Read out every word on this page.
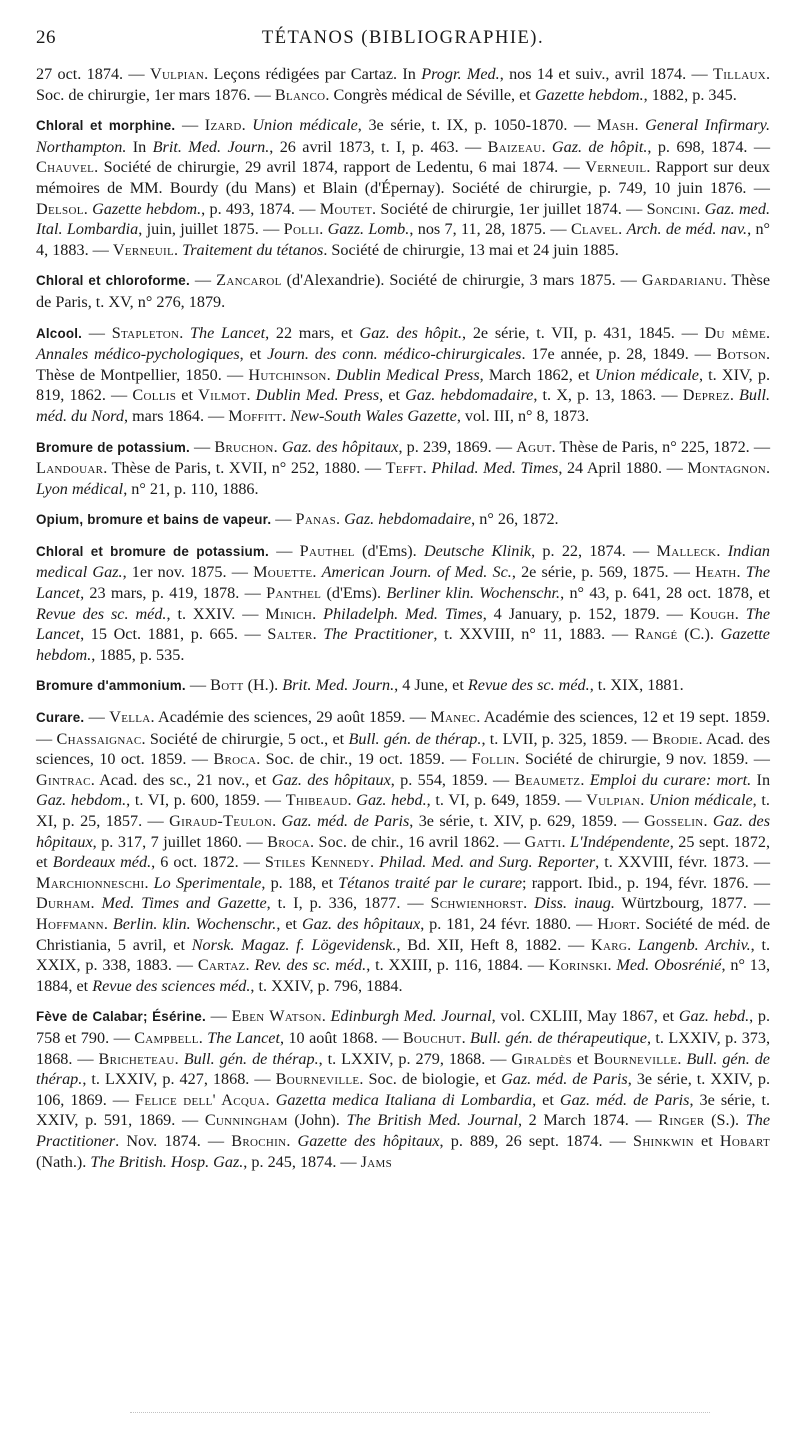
26	TÉTANOS (BIBLIOGRAPHIE).

27 oct. 1874. — Vulpian. Leçons rédigées par Cartaz. In Progr. Med., nos 14 et suiv., avril 1874. — Tillaux. Soc. de chirurgie, 1er mars 1876. — Blanco. Congrès médical de Séville, et Gazette hebdom., 1882, p. 345.

Chloral et morphine. — Izard. Union médicale, 3e série, t. IX, p. 1050-1870. — Mash. General Infirmary. Northampton. In Brit. Med. Journ., 26 avril 1873, t. I, p. 463. — Baizeau. Gaz. de hôpit., p. 698, 1874. — Chauvel. Société de chirurgie, 29 avril 1874, rapport de Ledentu, 6 mai 1874. — Verneuil. Rapport sur deux mémoires de MM. Bourdy (du Mans) et Blain (d'Épernay). Société de chirurgie, p. 749, 10 juin 1876. — Delsol. Gazette hebdom., p. 493, 1874. — Moutet. Société de chirurgie, 1er juillet 1874. — Soncini. Gaz. med. Ital. Lombardia, juin, juillet 1875. — Polli. Gazz. Lomb., nos 7, 11, 28, 1875. — Clavel. Arch. de méd. nav., n° 4, 1883. — Verneuil. Traitement du tétanos. Société de chirurgie, 13 mai et 24 juin 1885.

Chloral et chloroforme. — Zancarol (d'Alexandrie). Société de chirurgie, 3 mars 1875. — Gardarianu. Thèse de Paris, t. XV, n° 276, 1879.

Alcool. — Stapleton. The Lancet, 22 mars, et Gaz. des hôpit., 2e série, t. VII, p. 431, 1845. — Du même. Annales médico-pychologiques, et Journ. des conn. médico-chirurgicales. 17e année, p. 28, 1849. — Botson. Thèse de Montpellier, 1850. — Hutchinson. Dublin Medical Press, March 1862, et Union médicale, t. XIV, p. 819, 1862. — Collis et Vilmot. Dublin Med. Press, et Gaz. hebdomadaire, t. X, p. 13, 1863. — Deprez. Bull. méd. du Nord, mars 1864. — Moffitt. New-South Wales Gazette, vol. III, n° 8, 1873.

Bromure de potassium. — Bruchon. Gaz. des hôpitaux, p. 239, 1869. — Agut. Thèse de Paris, n° 225, 1872. — Landouar. Thèse de Paris, t. XVII, n° 252, 1880. — Tefft. Philad. Med. Times, 24 April 1880. — Montagnon. Lyon médical, n° 21, p. 110, 1886.

Opium, bromure et bains de vapeur. — Panas. Gaz. hebdomadaire, n° 26, 1872.

Chloral et bromure de potassium. — Pauthel (d'Ems). Deutsche Klinik, p. 22, 1874. — Malleck. Indian medical Gaz., 1er nov. 1875. — Mouette. American Journ. of Med. Sc., 2e série, p. 569, 1875. — Heath. The Lancet, 23 mars, p. 419, 1878. — Panthel (d'Ems). Berliner klin. Wochenschr., n° 43, p. 641, 28 oct. 1878, et Revue des sc. méd., t. XXIV. — Minich. Philadelph. Med. Times, 4 January, p. 152, 1879. — Kough. The Lancet, 15 Oct. 1881, p. 665. — Salter. The Practitioner, t. XXVIII, n° 11, 1883. — Rangé (C.). Gazette hebdom., 1885, p. 535.

Bromure d'ammonium. — Bott (H.). Brit. Med. Journ., 4 June, et Revue des sc. méd., t. XIX, 1881.

Curare. — Vella. Académie des sciences, 29 août 1859. — Manec. Académie des sciences, 12 et 19 sept. 1859. — Chassaignac. Société de chirurgie, 5 oct., et Bull. gén. de thérap., t. LVII, p. 325, 1859. — Brodie. Acad. des sciences, 10 oct. 1859. — Broca. Soc. de chir., 19 oct. 1859. — Follin. Société de chirurgie, 9 nov. 1859. — Gintrac. Acad. des sc., 21 nov., et Gaz. des hôpitaux, p. 554, 1859. — Beaumetz. Emploi du curare: mort. In Gaz. hebdom., t. VI, p. 600, 1859. — Thibeaud. Gaz. hebd., t. VI, p. 649, 1859. — Vulpian. Union médicale, t. XI, p. 25, 1857. — Giraud-Teulon. Gaz. méd. de Paris, 3e série, t. XIV, p. 629, 1859. — Gosselin. Gaz. des hôpitaux, p. 317, 7 juillet 1860. — Broca. Soc. de chir., 16 avril 1862. — Gatti. L'Indépendente, 25 sept. 1872, et Bordeaux méd., 6 oct. 1872. — Stiles Kennedy. Philad. Med. and Surg. Reporter, t. XXVIII, févr. 1873. — Marchionneschi. Lo Sperimentale, p. 188, et Tétanos traité par le curare; rapport. Ibid., p. 194, févr. 1876. — Durham. Med. Times and Gazette, t. I, p. 336, 1877. — Schwienhorst. Diss. inaug. Würtzbourg, 1877. — Hoffmann. Berlin. klin. Wochenschr., et Gaz. des hôpitaux, p. 181, 24 févr. 1880. — Hjort. Société de méd. de Christiania, 5 avril, et Norsk. Magaz. f. Lögevidensk., Bd. XII, Heft 8, 1882. — Karg. Langenb. Archiv., t. XXIX, p. 338, 1883. — Cartaz. Rev. des sc. méd., t. XXIII, p. 116, 1884. — Korinski. Med. Obosrénié, n° 13, 1884, et Revue des sciences méd., t. XXIV, p. 796, 1884.

Fève de Calabar; Ésérine. — Eben Watson. Edinburgh Med. Journal, vol. CXLIII, May 1867, et Gaz. hebd., p. 758 et 790. — Campbell. The Lancet, 10 août 1868. — Bouchut. Bull. gén. de thérapeutique, t. LXXIV, p. 373, 1868. — Bricheteau. Bull. gén. de thérap., t. LXXIV, p. 279, 1868. — Giraldès et Bourneville. Bull. gén. de thérap., t. LXXIV, p. 427, 1868. — Bourneville. Soc. de biologie, et Gaz. méd. de Paris, 3e série, t. XXIV, p. 106, 1869. — Felice dell' Acqua. Gazetta medica Italiana di Lombardia, et Gaz. méd. de Paris, 3e série, t. XXIV, p. 591, 1869. — Cunningham (John). The British Med. Journal, 2 March 1874. — Ringer (S.). The Practitioner. Nov. 1874. — Brochin. Gazette des hôpitaux, p. 889, 26 sept. 1874. — Shinkwin et Hobart (Nath.). The British. Hosp. Gaz., p. 245, 1874. — Jams
